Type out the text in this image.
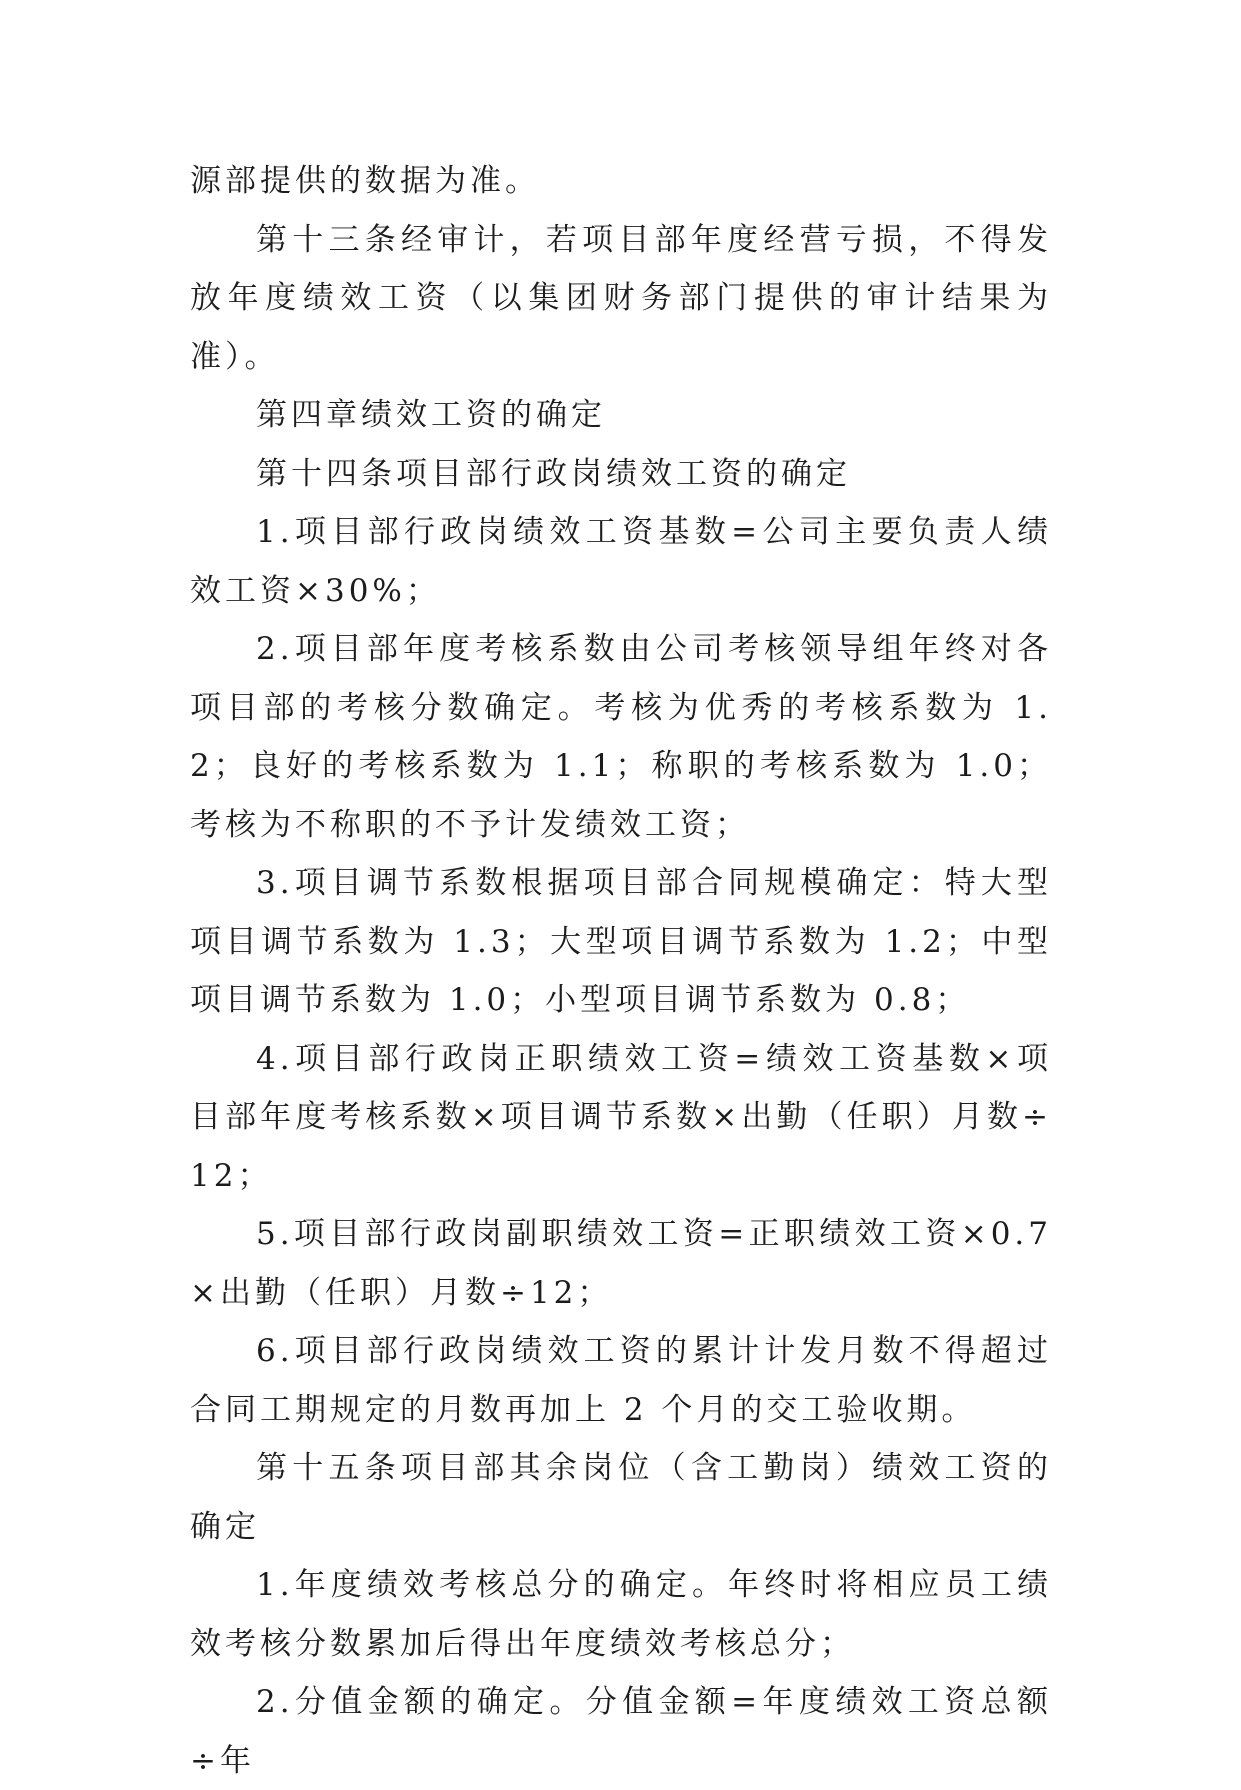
源部提供的数据为准。

第十三条经审计，若项目部年度经营亏损，不得发放年度绩效工资（以集团财务部门提供的审计结果为准）。

第四章绩效工资的确定

第十四条项目部行政岗绩效工资的确定

1.项目部行政岗绩效工资基数=公司主要负责人绩效工资×30%；

2.项目部年度考核系数由公司考核领导组年终对各项目部的考核分数确定。考核为优秀的考核系数为 1.2；良好的考核系数为 1.1；称职的考核系数为 1.0；考核为不称职的不予计发绩效工资；

3.项目调节系数根据项目部合同规模确定：特大型项目调节系数为 1.3；大型项目调节系数为 1.2；中型项目调节系数为 1.0；小型项目调节系数为 0.8；

4.项目部行政岗正职绩效工资=绩效工资基数×项目部年度考核系数×项目调节系数×出勤（任职）月数÷12；

5.项目部行政岗副职绩效工资=正职绩效工资×0.7×出勤（任职）月数÷12；

6.项目部行政岗绩效工资的累计计发月数不得超过合同工期规定的月数再加上 2 个月的交工验收期。

第十五条项目部其余岗位（含工勤岗）绩效工资的确定

1.年度绩效考核总分的确定。年终时将相应员工绩效考核分数累加后得出年度绩效考核总分；

2.分值金额的确定。分值金额=年度绩效工资总额÷年
